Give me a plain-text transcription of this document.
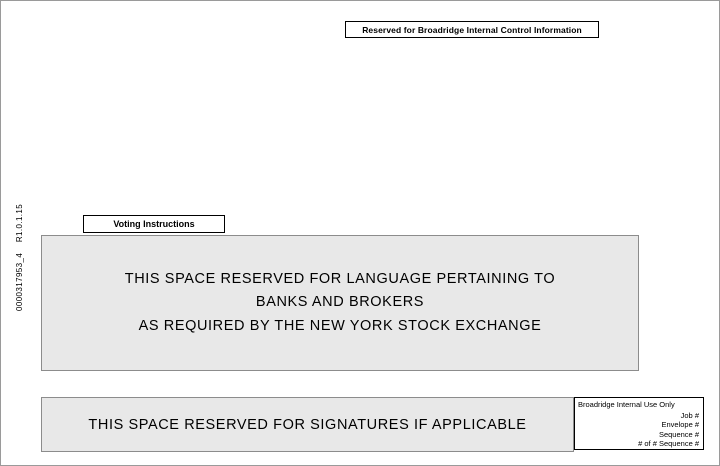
Reserved for Broadridge Internal Control Information
Voting Instructions
THIS SPACE RESERVED FOR LANGUAGE PERTAINING TO
BANKS AND BROKERS
AS REQUIRED BY THE NEW YORK STOCK EXCHANGE
THIS SPACE RESERVED FOR SIGNATURES IF APPLICABLE
Broadridge Internal Use Only
Job #
Envelope #
Sequence #
# of # Sequence #
0000317953_4 R1.0.1.15
